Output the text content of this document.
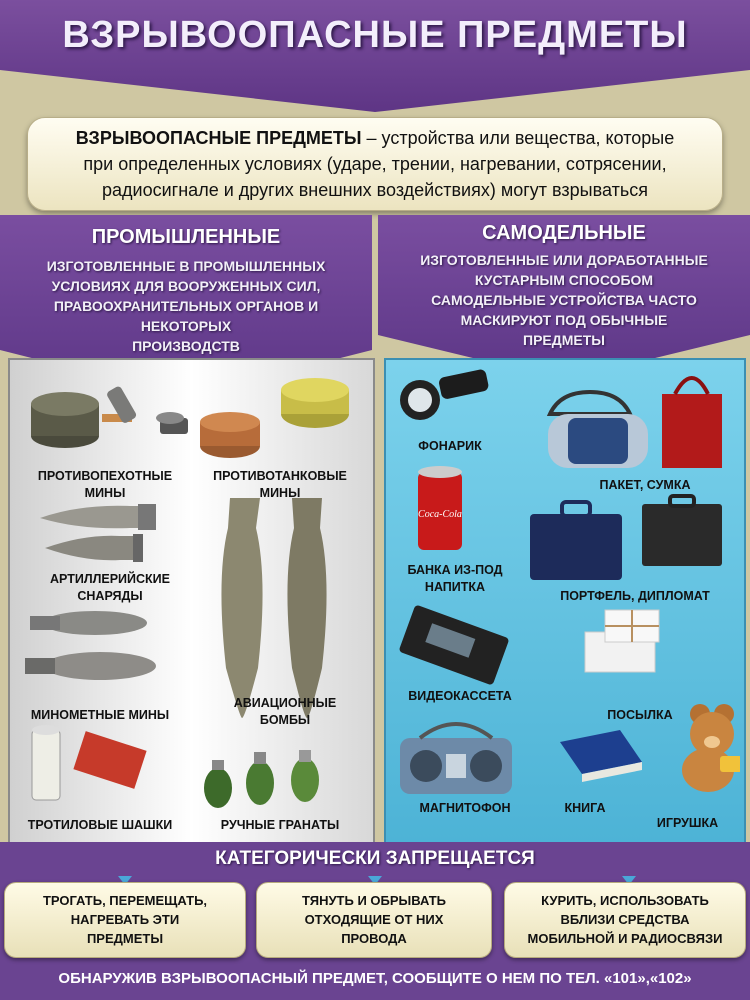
ВЗРЫВООПАСНЫЕ ПРЕДМЕТЫ
ВЗРЫВООПАСНЫЕ ПРЕДМЕТЫ – устройства или вещества, которые
при определенных условиях (ударе, трении, нагревании, сотрясении,
радиосигнале и других внешних воздействиях) могут взрываться
ПРОМЫШЛЕННЫЕ
ИЗГОТОВЛЕННЫЕ В ПРОМЫШЛЕННЫХ
УСЛОВИЯХ ДЛЯ ВООРУЖЕННЫХ СИЛ,
ПРАВООХРАНИТЕЛЬНЫХ ОРГАНОВ И
НЕКОТОРЫХ
ПРОИЗВОДСТВ
САМОДЕЛЬНЫЕ
ИЗГОТОВЛЕННЫЕ ИЛИ ДОРАБОТАННЫЕ
КУСТАРНЫМ СПОСОБОМ
САМОДЕЛЬНЫЕ УСТРОЙСТВА ЧАСТО
МАСКИРУЮТ ПОД ОБЫЧНЫЕ
ПРЕДМЕТЫ
ПРОТИВОПЕХОТНЫЕ
МИНЫ
ПРОТИВОТАНКОВЫЕ
МИНЫ
АРТИЛЛЕРИЙСКИЕ
СНАРЯДЫ
МИНОМЕТНЫЕ МИНЫ
АВИАЦИОННЫЕ
БОМБЫ
ТРОТИЛОВЫЕ ШАШКИ	РУЧНЫЕ ГРАНАТЫ
Coca-Cola
ФОНАРИК
ПАКЕТ, СУМКА
БАНКА ИЗ-ПОД
НАПИТКА
ПОРТФЕЛЬ, ДИПЛОМАТ
ВИДЕОКАССЕТА
ПОСЫЛКА
МАГНИТОФОН	КНИГА
ИГРУШКА
КАТЕГОРИЧЕСКИ ЗАПРЕЩАЕТСЯ
ТРОГАТЬ, ПЕРЕМЕЩАТЬ,
НАГРЕВАТЬ ЭТИ
ПРЕДМЕТЫ
ТЯНУТЬ И ОБРЫВАТЬ
ОТХОДЯЩИЕ ОТ НИХ
ПРОВОДА
КУРИТЬ, ИСПОЛЬЗОВАТЬ
ВБЛИЗИ СРЕДСТВА
МОБИЛЬНОЙ И РАДИОСВЯЗИ
ОБНАРУЖИВ ВЗРЫВООПАСНЫЙ ПРЕДМЕТ, СООБЩИТЕ О НЕМ ПО ТЕЛ. «101»,«102»
